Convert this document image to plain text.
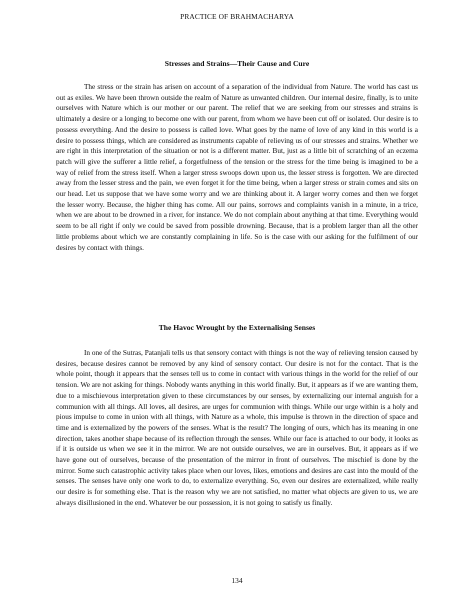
PRACTICE OF BRAHMACHARYA
Stresses and Strains—Their Cause and Cure

The stress or the strain has arisen on account of a separation of the individual from Nature. The world has cast us out as exiles. We have been thrown outside the realm of Nature as unwanted children. Our internal desire, finally, is to unite ourselves with Nature which is our mother or our parent. The relief that we are seeking from our stresses and strains is ultimately a desire or a longing to become one with our parent, from whom we have been cut off or isolated. Our desire is to possess everything. And the desire to possess is called love. What goes by the name of love of any kind in this world is a desire to possess things, which are considered as instruments capable of relieving us of our stresses and strains. Whether we are right in this interpretation of the situation or not is a different matter. But, just as a little bit of scratching of an eczema patch will give the sufferer a little relief, a forgetfulness of the tension or the stress for the time being is imagined to be a way of relief from the stress itself. When a larger stress swoops down upon us, the lesser stress is forgotten. We are directed away from the lesser stress and the pain, we even forget it for the time being, when a larger stress or strain comes and sits on our head. Let us suppose that we have some worry and we are thinking about it. A larger worry comes and then we forget the lesser worry. Because, the higher thing has come. All our pains, sorrows and complaints vanish in a minute, in a trice, when we are about to be drowned in a river, for instance. We do not complain about anything at that time. Everything would seem to be all right if only we could be saved from possible drowning. Because, that is a problem larger than all the other little problems about which we are constantly complaining in life. So is the case with our asking for the fulfilment of our desires by contact with things.

The Havoc Wrought by the Externalising Senses

In one of the Sutras, Patanjali tells us that sensory contact with things is not the way of relieving tension caused by desires, because desires cannot be removed by any kind of sensory contact. Our desire is not for the contact. That is the whole point, though it appears that the senses tell us to come in contact with various things in the world for the relief of our tension. We are not asking for things. Nobody wants anything in this world finally. But, it appears as if we are wanting them, due to a mischievous interpretation given to these circumstances by our senses, by externalizing our internal anguish for a communion with all things. All loves, all desires, are urges for communion with things. While our urge within is a holy and pious impulse to come in union with all things, with Nature as a whole, this impulse is thrown in the direction of space and time and is externalized by the powers of the senses. What is the result? The longing of ours, which has its meaning in one direction, takes another shape because of its reflection through the senses. While our face is attached to our body, it looks as if it is outside us when we see it in the mirror. We are not outside ourselves, we are in ourselves. But, it appears as if we have gone out of ourselves, because of the presentation of the mirror in front of ourselves. The mischief is done by the mirror. Some such catastrophic activity takes place when our loves, likes, emotions and desires are cast into the mould of the senses. The senses have only one work to do, to externalize everything. So, even our desires are externalized, while really our desire is for something else. That is the reason why we are not satisfied, no matter what objects are given to us, we are always disillusioned in the end. Whatever be our possession, it is not going to satisfy us finally.

134
